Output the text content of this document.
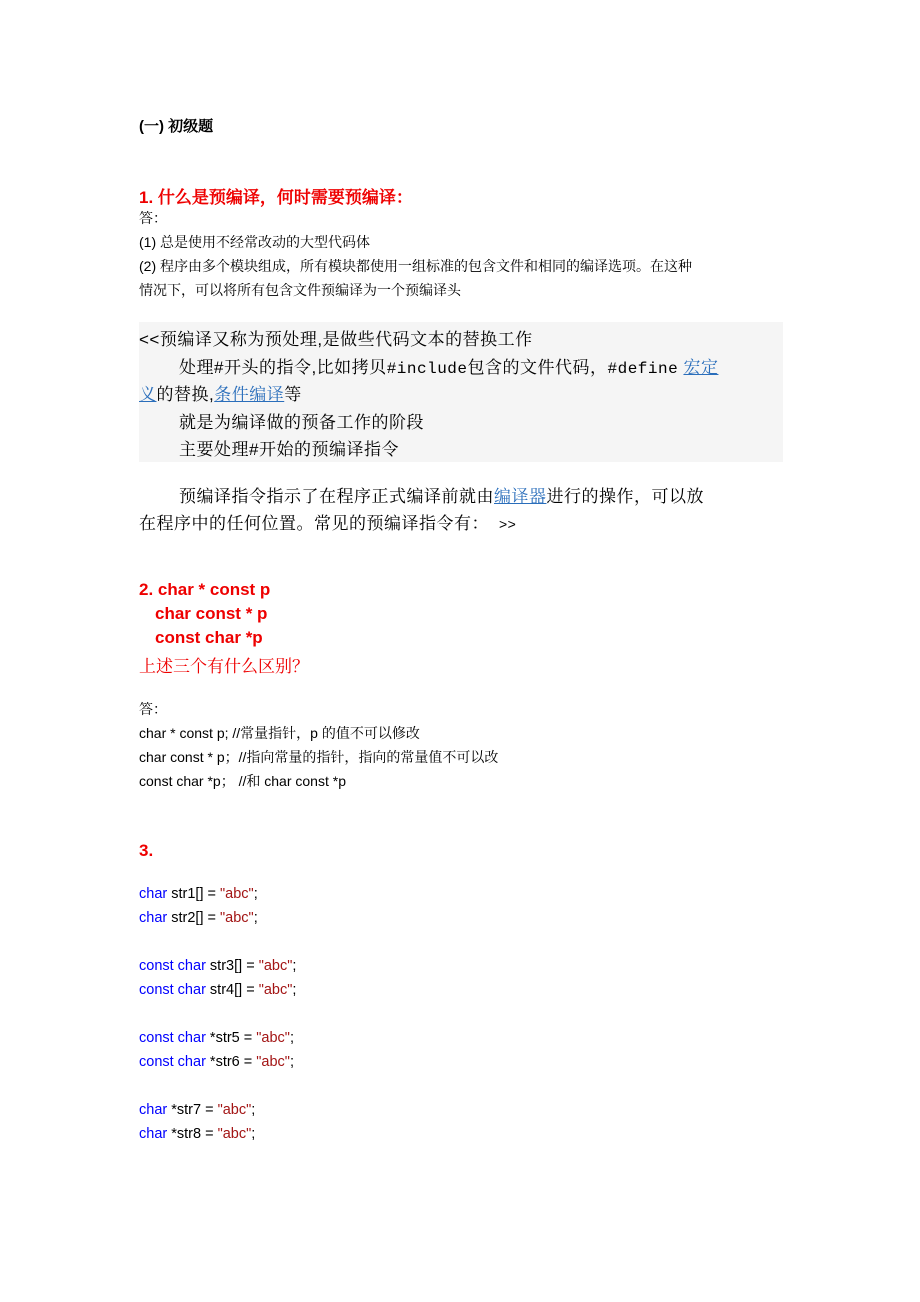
(一) 初级题
1. 什么是预编译，何时需要预编译：
答：
(1) 总是使用不经常改动的大型代码体
(2) 程序由多个模块组成，所有模块都使用一组标准的包含文件和相同的编译选项。在这种
情况下，可以将所有包含文件预编译为一个预编译头
<<预编译又称为预处理,是做些代码文本的替换工作
处理#开头的指令,比如拷贝#include包含的文件代码，#define 宏定
义的替换,条件编译等
就是为编译做的预备工作的阶段
主要处理#开始的预编译指令
预编译指令指示了在程序正式编译前就由编译器进行的操作，可以放
在程序中的任何位置。常见的预编译指令有： >>
2. char * const p
char const * p
const char *p
上述三个有什么区别？
答：
char * const p; //常量指针，p 的值不可以修改
char const * p；//指向常量的指针，指向的常量值不可以改
const char *p； //和 char const *p
3.
char str1[] = "abc";
char str2[] = "abc";
const char str3[] = "abc";
const char str4[] = "abc";
const char *str5 = "abc";
const char *str6 = "abc";
char *str7 = "abc";
char *str8 = "abc";
